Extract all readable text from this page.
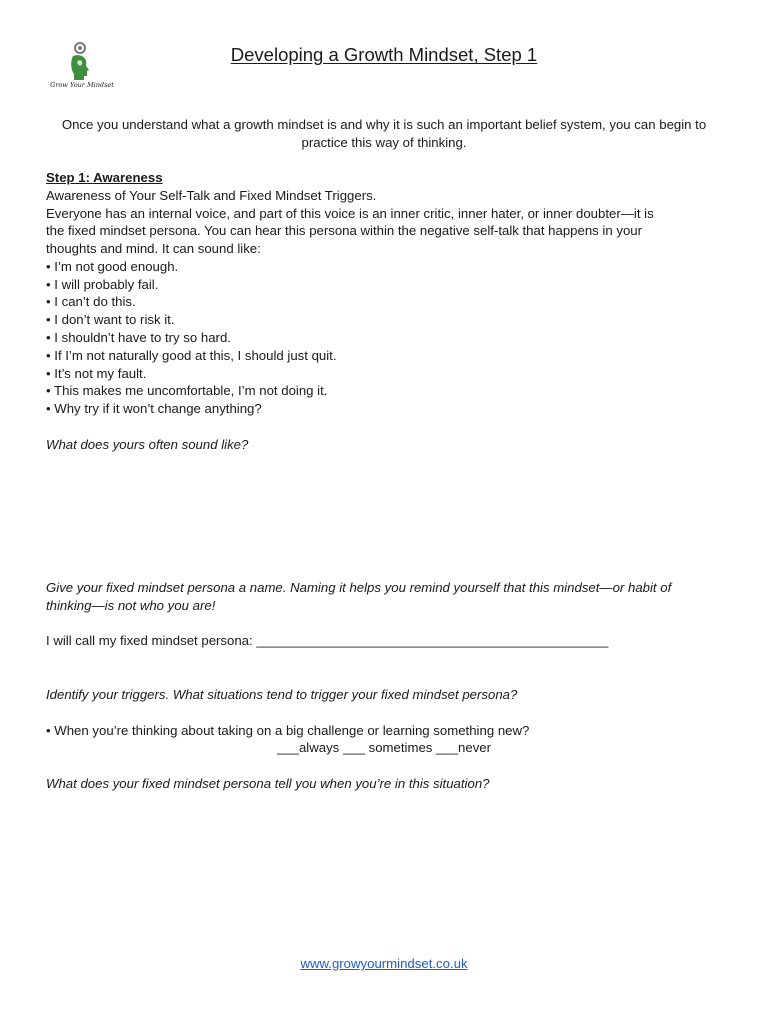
Grow Your Mindset
Developing a Growth Mindset, Step 1
Once you understand what a growth mindset is and why it is such an important belief system, you can begin to practice this way of thinking.
Step 1: Awareness
Awareness of Your Self-Talk and Fixed Mindset Triggers.
Everyone has an internal voice, and part of this voice is an inner critic, inner hater, or inner doubter—it is
the fixed mindset persona. You can hear this persona within the negative self-talk that happens in your
thoughts and mind. It can sound like:
• I’m not good enough.
• I will probably fail.
• I can’t do this.
• I don’t want to risk it.
• I shouldn’t have to try so hard.
• If I’m not naturally good at this, I should just quit.
• It’s not my fault.
• This makes me uncomfortable, I’m not doing it.
• Why try if it won’t change anything?
What does yours often sound like?
Give your fixed mindset persona a name. Naming it helps you remind yourself that this mindset—or habit of
thinking—is not who you are!
I will call my fixed mindset persona: ________________________________________________
Identify your triggers. What situations tend to trigger your fixed mindset persona?
• When you’re thinking about taking on a big challenge or learning something new?
___always ___ sometimes ___never
What does your fixed mindset persona tell you when you’re in this situation?
www.growyourmindset.co.uk
